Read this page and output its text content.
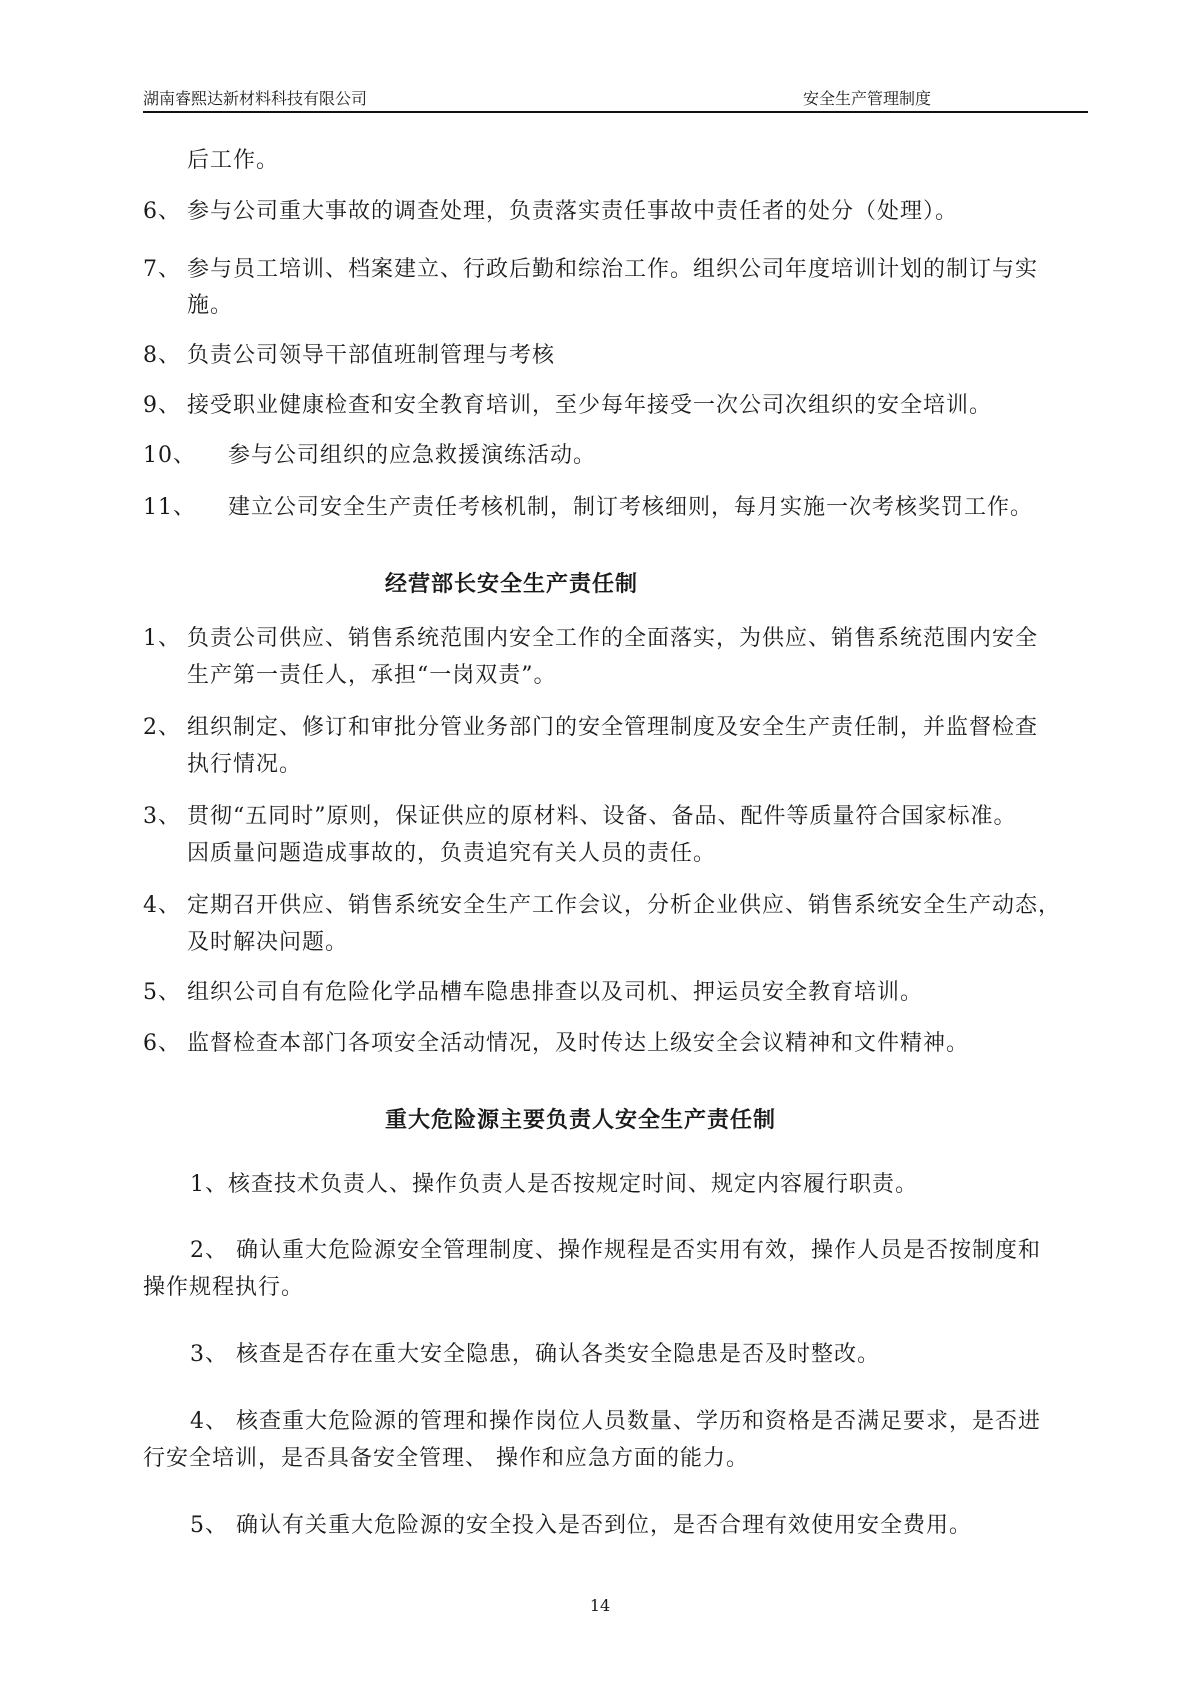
湖南睿熙达新材料科技有限公司	安全生产管理制度
后工作。
6、 参与公司重大事故的调查处理，负责落实责任事故中责任者的处分（处理）。
7、 参与员工培训、档案建立、行政后勤和综治工作。组织公司年度培训计划的制订与实
施。
8、 负责公司领导干部值班制管理与考核
9、 接受职业健康检查和安全教育培训，至少每年接受一次公司次组织的安全培训。
10、 参与公司组织的应急救援演练活动。
11、 建立公司安全生产责任考核机制，制订考核细则，每月实施一次考核奖罚工作。
经营部长安全生产责任制
1、 负责公司供应、销售系统范围内安全工作的全面落实，为供应、销售系统范围内安全
生产第一责任人，承担“一岗双责”。
2、 组织制定、修订和审批分管业务部门的安全管理制度及安全生产责任制，并监督检查
执行情况。
3、 贯彻“五同时”原则，保证供应的原材料、设备、备品、配件等质量符合国家标准。
因质量问题造成事故的，负责追究有关人员的责任。
4、 定期召开供应、销售系统安全生产工作会议，分析企业供应、销售系统安全生产动态，
及时解决问题。
5、 组织公司自有危险化学品槽车隐患排查以及司机、押运员安全教育培训。
6、 监督检查本部门各项安全活动情况，及时传达上级安全会议精神和文件精神。
重大危险源主要负责人安全生产责任制
1、核查技术负责人、操作负责人是否按规定时间、规定内容履行职责。
2、 确认重大危险源安全管理制度、操作规程是否实用有效，操作人员是否按制度和
操作规程执行。
3、 核查是否存在重大安全隐患，确认各类安全隐患是否及时整改。
4、 核查重大危险源的管理和操作岗位人员数量、学历和资格是否满足要求，是否进
行安全培训，是否具备安全管理、 操作和应急方面的能力。
5、 确认有关重大危险源的安全投入是否到位，是否合理有效使用安全费用。
14
